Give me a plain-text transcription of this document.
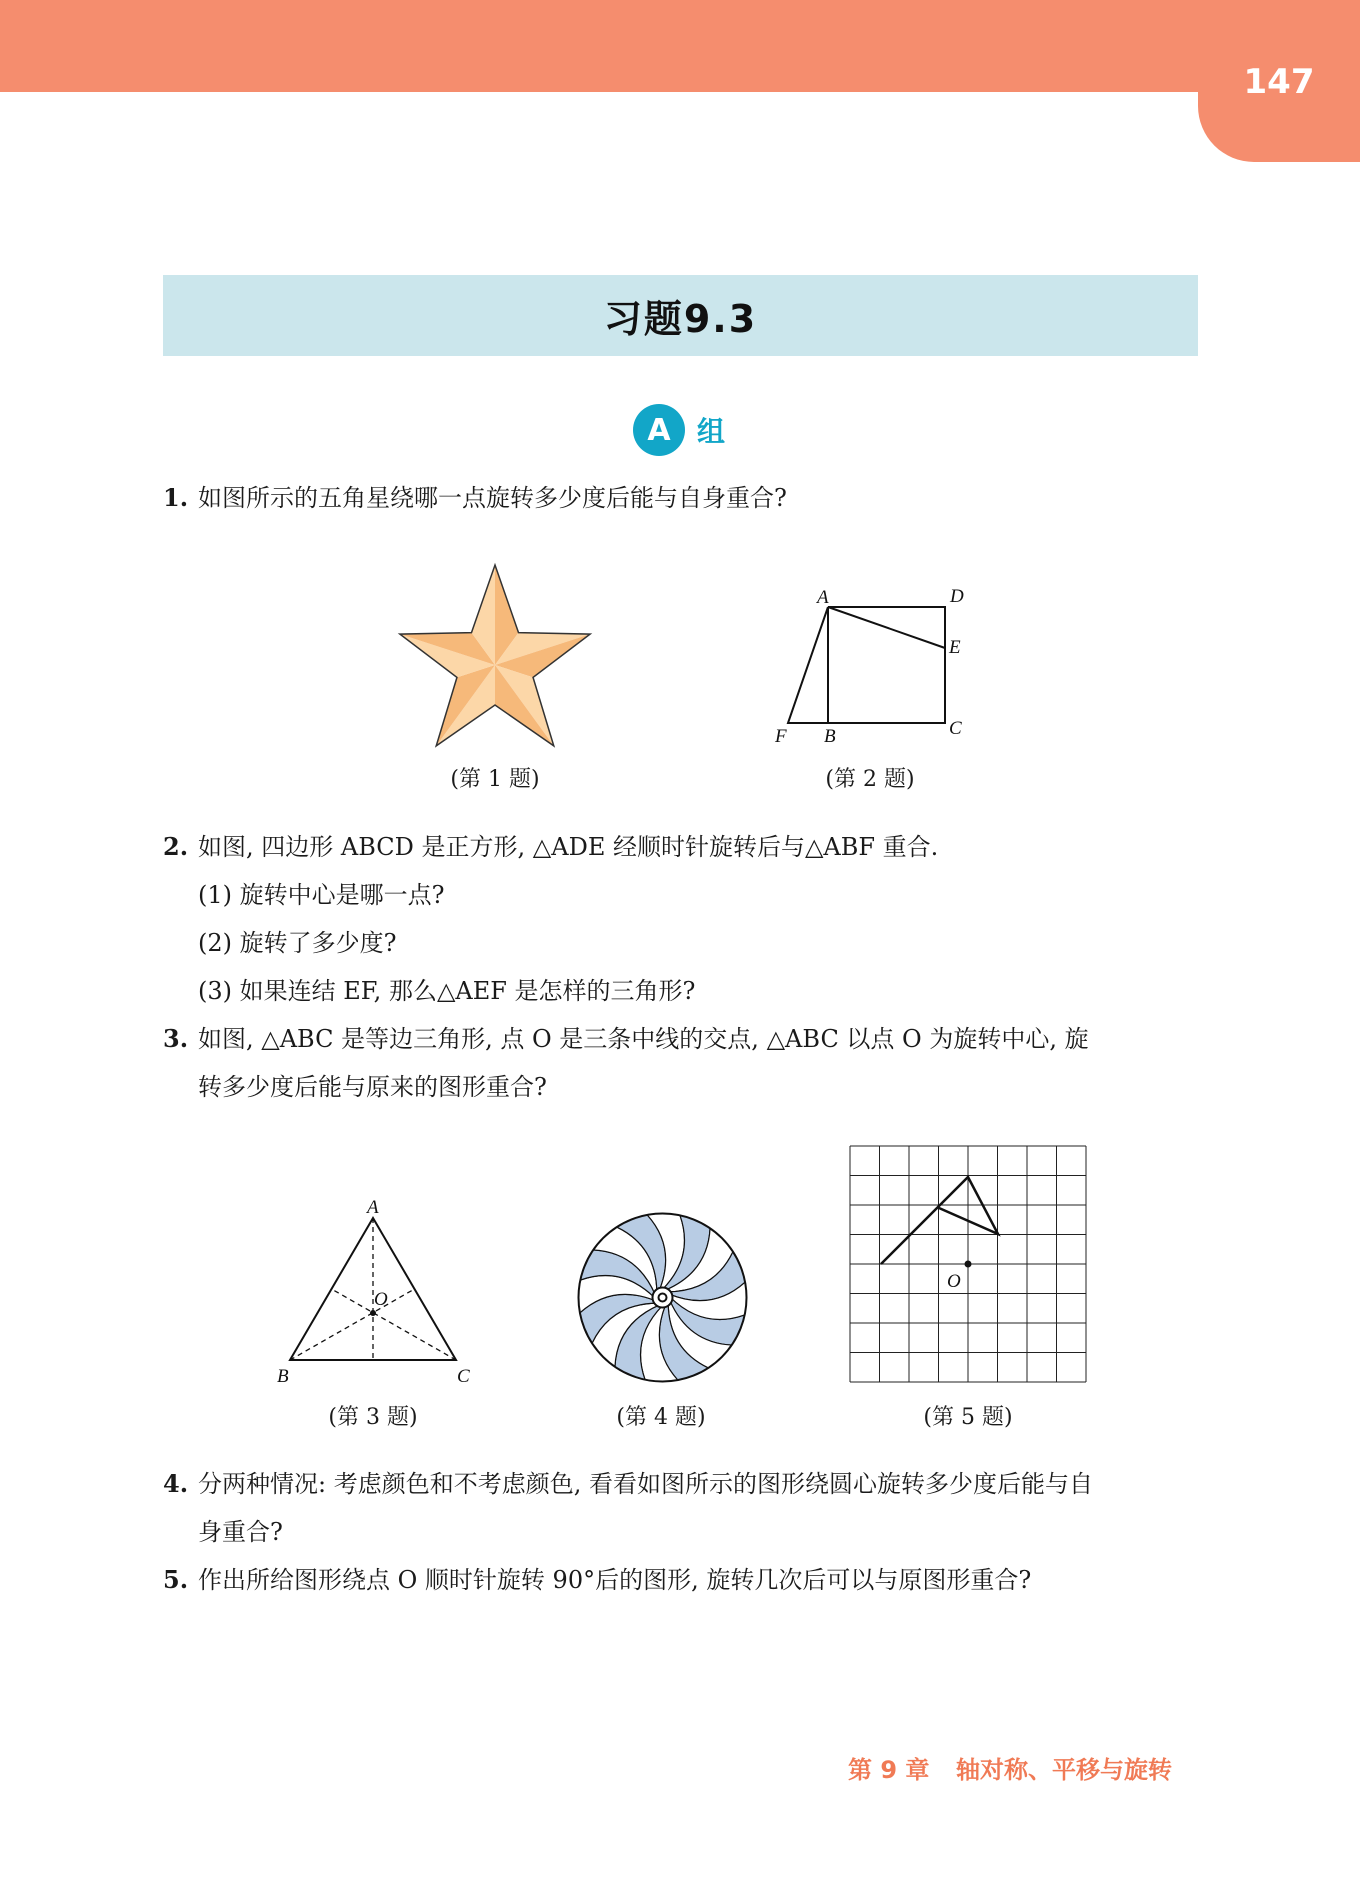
147
习题9.3
A 组
1. 如图所示的五角星绕哪一点旋转多少度后能与自身重合?
(第 1 题)
A	D
E
C
B
F
(第 2 题)
2. 如图, 四边形 ABCD 是正方形, △ADE 经顺时针旋转后与△ABF 重合.
(1) 旋转中心是哪一点?
(2) 旋转了多少度?
(3) 如果连结 EF, 那么△AEF 是怎样的三角形?
3. 如图, △ABC 是等边三角形, 点 O 是三条中线的交点, △ABC 以点 O 为旋转中心, 旋
转多少度后能与原来的图形重合?
A
B	C
O
(第 3 题)	(第 4 题)
O
(第 5 题)
4. 分两种情况: 考虑颜色和不考虑颜色, 看看如图所示的图形绕圆心旋转多少度后能与自
身重合?
5. 作出所给图形绕点 O 顺时针旋转 90°后的图形, 旋转几次后可以与原图形重合?
第 9 章 轴对称、平移与旋转
